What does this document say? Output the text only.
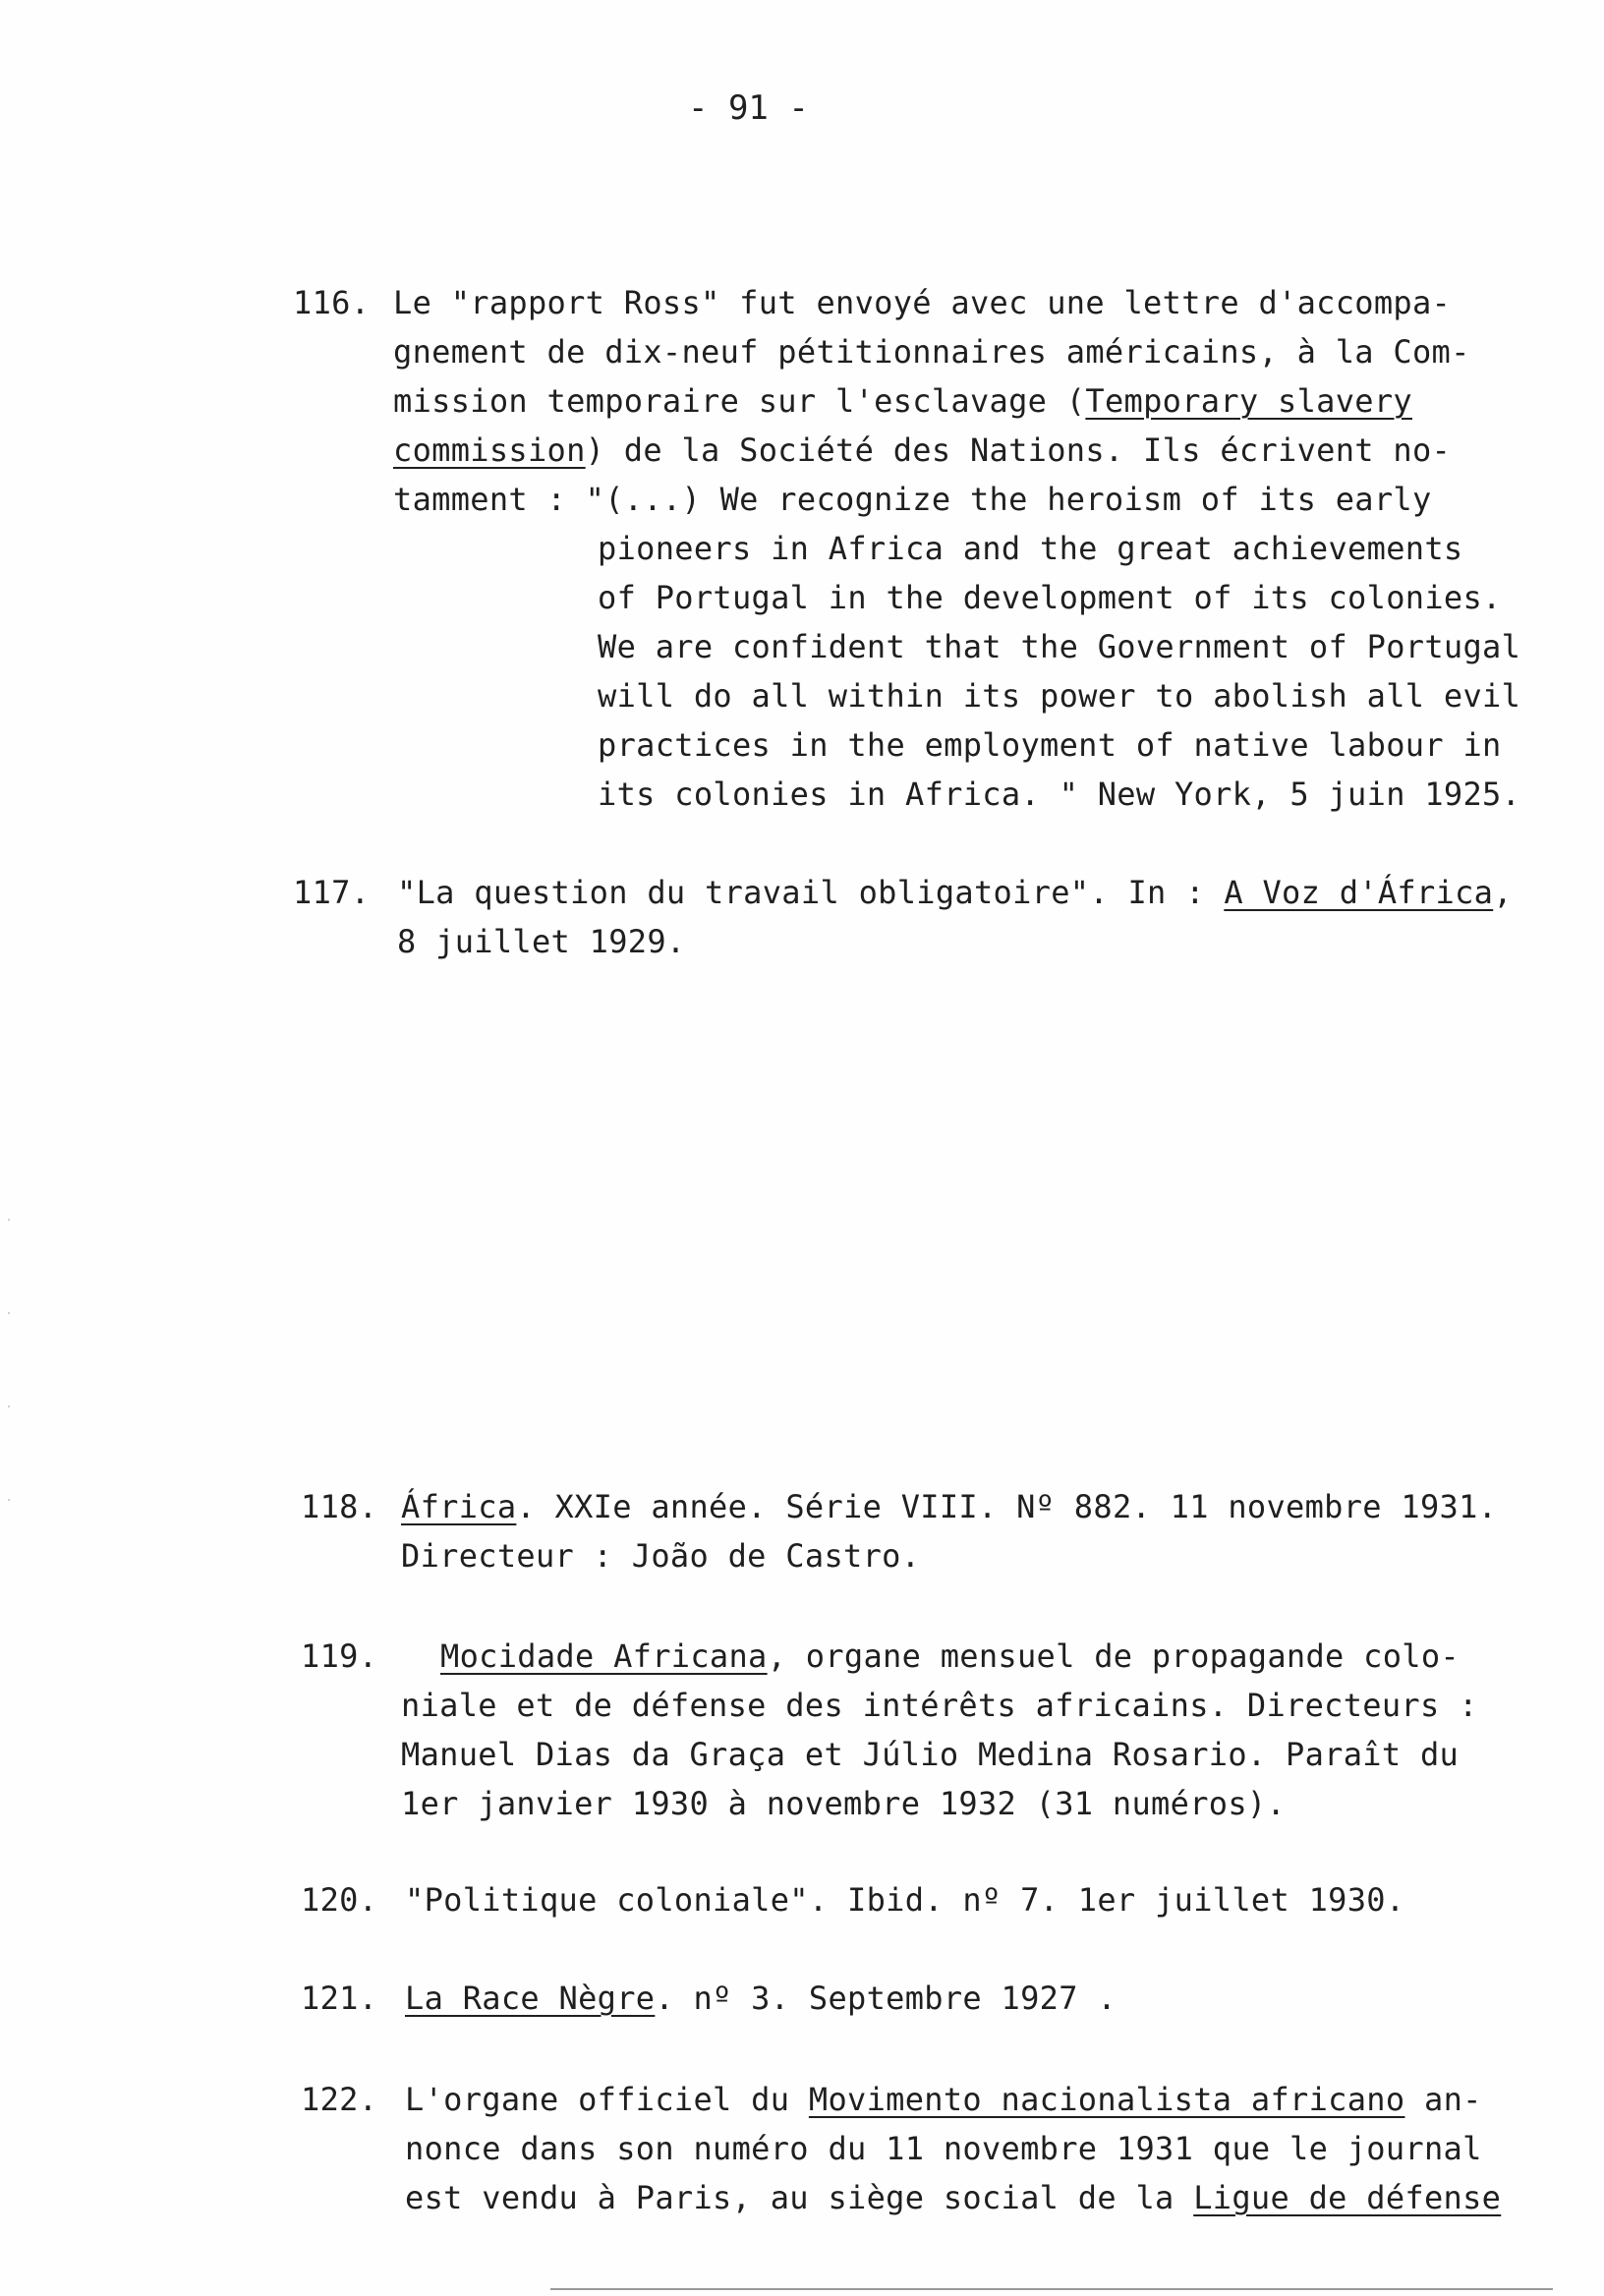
- 91 -
116. Le "rapport Ross" fut envoyé avec une lettre d'accompa-
gnement de dix-neuf pétitionnaires américains, à la Com-
mission temporaire sur l'esclavage (Temporary slavery
commission) de la Société des Nations. Ils écrivent no-
tamment : "(...) We recognize the heroism of its early
pioneers in Africa and the great achievements
of Portugal in the development of its colonies.
We are confident that the Government of Portugal
will do all within its power to abolish all evil
practices in the employment of native labour in
its colonies in Africa. " New York, 5 juin 1925.
117. "La question du travail obligatoire". In : A Voz d'África,
8 juillet 1929.
118. África. XXIe année. Série VIII. Nº 882. 11 novembre 1931.
Directeur : João de Castro.
119. Mocidade Africana, organe mensuel de propagande colo-
niale et de défense des intérêts africains. Directeurs :
Manuel Dias da Graça et Júlio Medina Rosario. Paraît du
1er janvier 1930 à novembre 1932 (31 numéros).
120. "Politique coloniale". Ibid. nº 7. 1er juillet 1930.
121. La Race Nègre. nº 3. Septembre 1927 .
122. L'organe officiel du Movimento nacionalista africano an-
nonce dans son numéro du 11 novembre 1931 que le journal
est vendu à Paris, au siège social de la Ligue de défense
